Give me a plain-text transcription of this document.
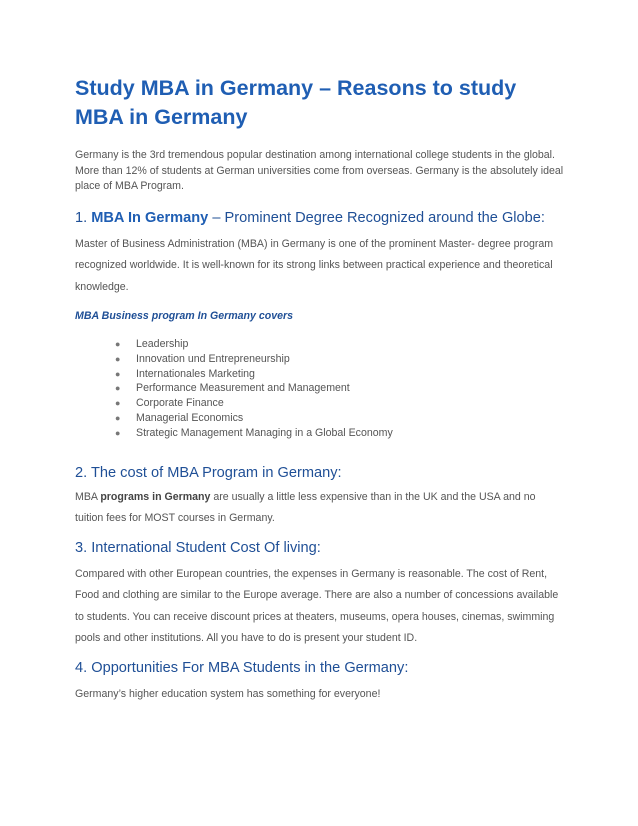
Study MBA in Germany – Reasons to study MBA in Germany

Germany is the 3rd tremendous popular destination among international college students in the global. More than 12% of students at German universities come from overseas. Germany is the absolutely ideal place of MBA Program.

1. MBA In Germany – Prominent Degree Recognized around the Globe:

Master of Business Administration (MBA) in Germany is one of the prominent Master- degree program recognized worldwide. It is well-known for its strong links between practical experience and theoretical knowledge.

MBA Business program In Germany covers

● Leadership
● Innovation und Entrepreneurship
● Internationales Marketing
● Performance Measurement and Management
● Corporate Finance
● Managerial Economics
● Strategic Management Managing in a Global Economy
2. The cost of MBA Program in Germany:

MBA programs in Germany are usually a little less expensive than in the UK and the USA and no tuition fees for MOST courses in Germany.

3. International Student Cost Of living:

Compared with other European countries, the expenses in Germany is reasonable. The cost of Rent, Food and clothing are similar to the Europe average. There are also a number of concessions available to students. You can receive discount prices at theaters, museums, opera houses, cinemas, swimming pools and other institutions. All you have to do is present your student ID.

4. Opportunities For MBA Students in the Germany:

Germany’s higher education system has something for everyone!
